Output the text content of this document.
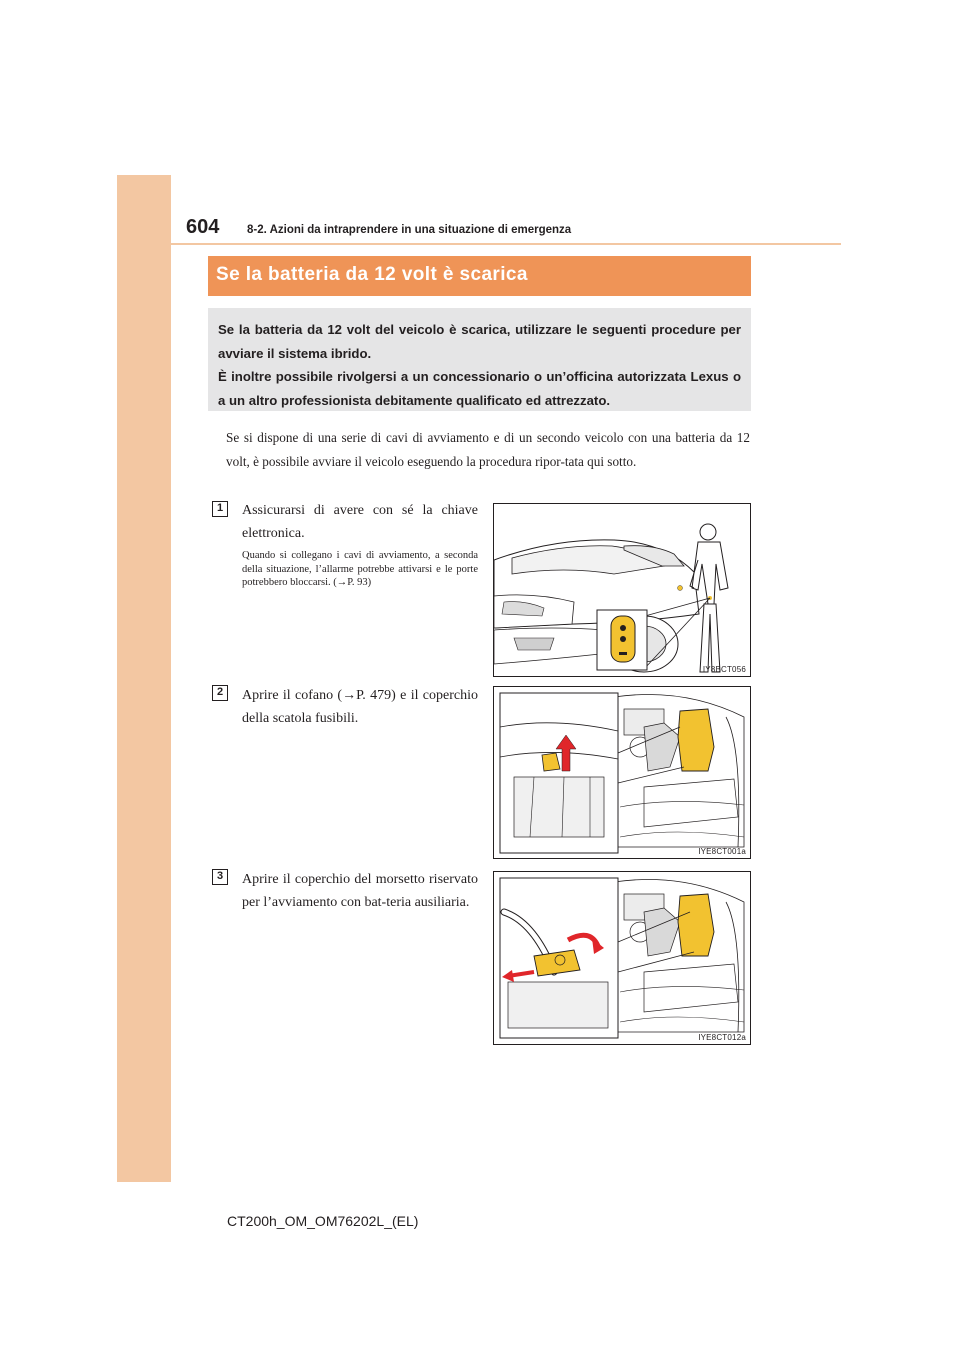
604 8-2. Azioni da intraprendere in una situazione di emergenza
Se la batteria da 12 volt è scarica

Se la batteria da 12 volt del veicolo è scarica, utilizzare le seguenti procedure per avviare il sistema ibrido.

È inoltre possibile rivolgersi a un concessionario o un’officina autorizzata Lexus o a un altro professionista debitamente qualificato ed attrezzato.

Se si dispone di una serie di cavi di avviamento e di un secondo veicolo con una batteria da 12 volt, è possibile avviare il veicolo eseguendo la procedura ripor-tata qui sotto.

1	Assicurarsi di avere con sé la chiave elettronica.

Quando si collegano i cavi di avviamento, a seconda della situazione, l’allarme potrebbe attivarsi e le porte potrebbero bloccarsi. (→P. 93)

IY8BCT056
2	Aprire il cofano (→P. 479) e il coperchio della scatola fusibili.

IYE8CT001a
3	Aprire il coperchio del morsetto riservato per l’avviamento con bat-teria ausiliaria.

IYE8CT012a
CT200h_OM_OM76202L_(EL)
